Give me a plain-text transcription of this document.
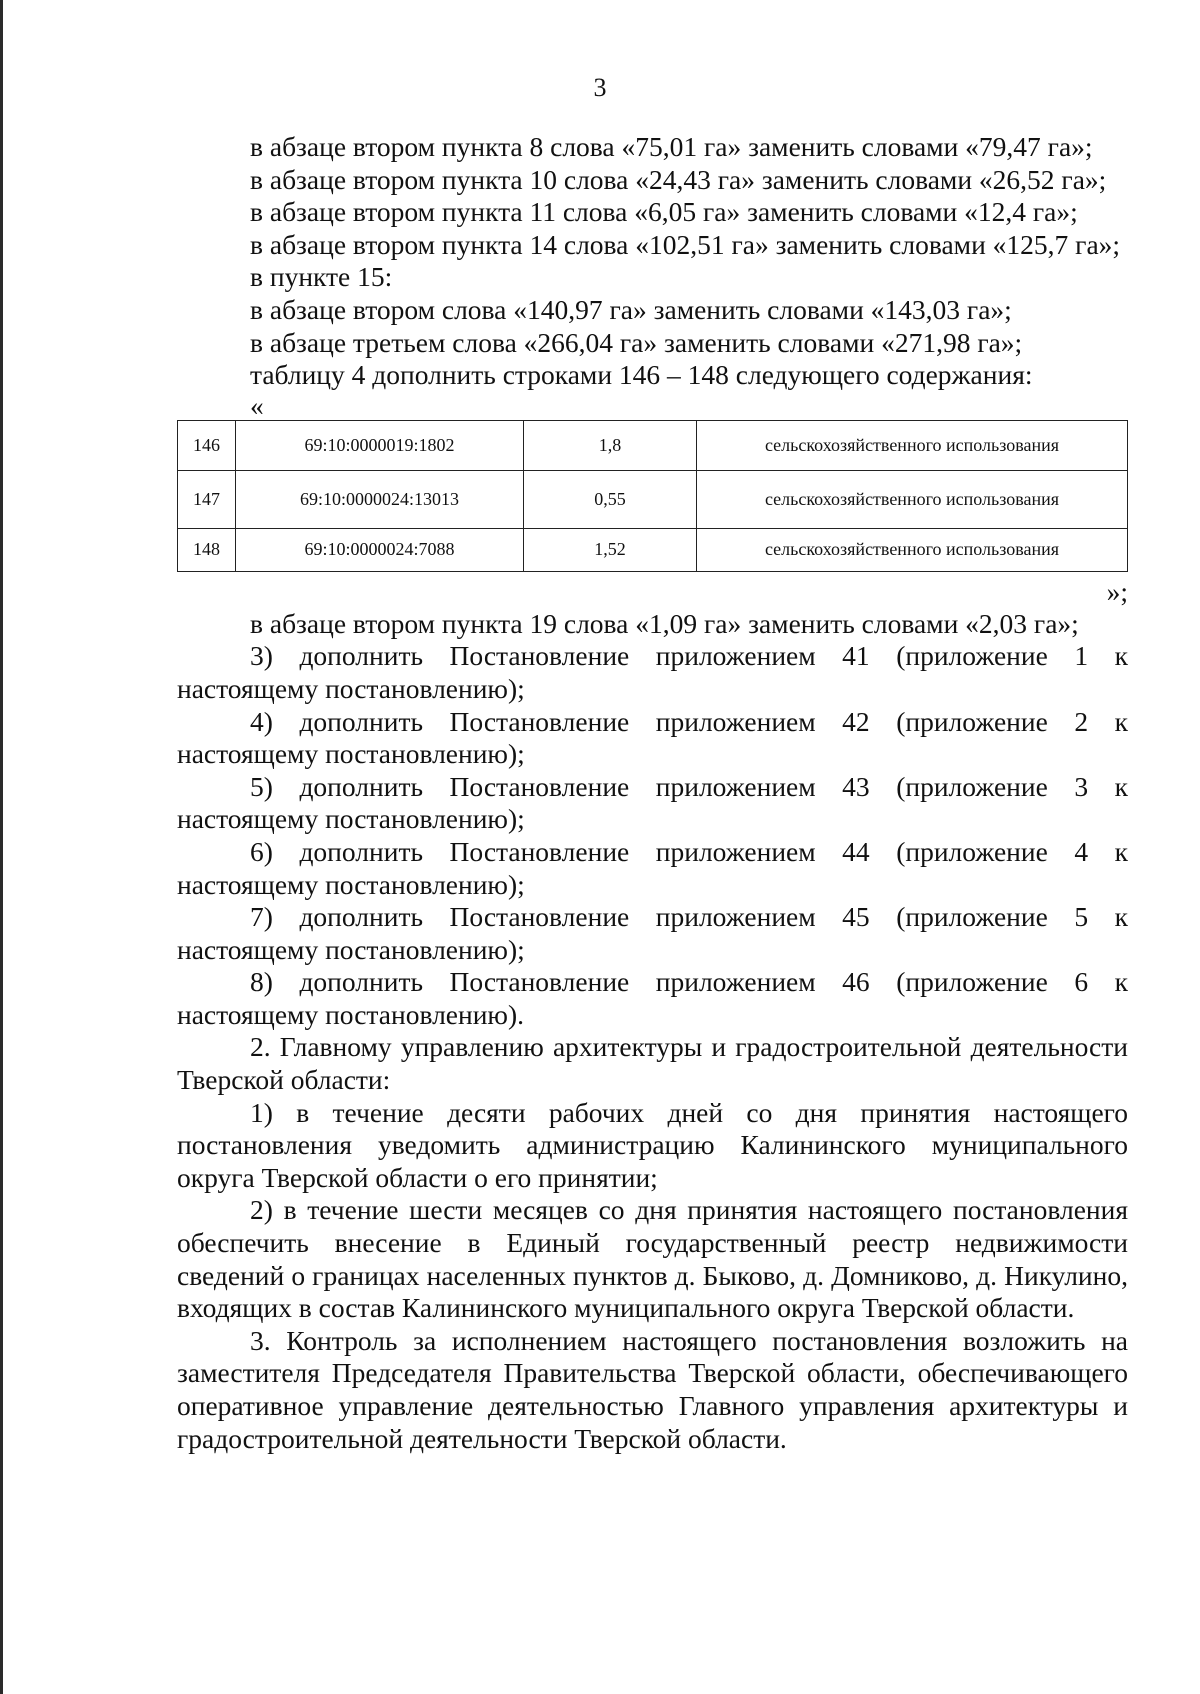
3

в абзаце втором пункта 8 слова «75,01 га» заменить словами «79,47 га»;

в абзаце втором пункта 10 слова «24,43 га» заменить словами «26,52 га»;

в абзаце втором пункта 11 слова «6,05 га» заменить словами «12,4 га»;

в абзаце втором пункта 14 слова «102,51 га» заменить словами «125,7 га»;

в пункте 15:

в абзаце втором слова «140,97 га» заменить словами «143,03 га»;

в абзаце третьем слова «266,04 га» заменить словами «271,98 га»;

таблицу 4 дополнить строками 146 – 148 следующего содержания:

«

146	69:10:0000019:1802	1,8	сельскохозяйственного использования
147	69:10:0000024:13013	0,55	сельскохозяйственного использования
148	69:10:0000024:7088	1,52	сельскохозяйственного использования

»;

в абзаце втором пункта 19 слова «1,09 га» заменить словами «2,03 га»;

3) дополнить Постановление приложением 41 (приложение 1 к настоящему постановлению);

4) дополнить Постановление приложением 42 (приложение 2 к настоящему постановлению);

5) дополнить Постановление приложением 43 (приложение 3 к настоящему постановлению);

6) дополнить Постановление приложением 44 (приложение 4 к настоящему постановлению);

7) дополнить Постановление приложением 45 (приложение 5 к настоящему постановлению);

8) дополнить Постановление приложением 46 (приложение 6 к настоящему постановлению).

2. Главному управлению архитектуры и градостроительной деятельности Тверской области:

1) в течение десяти рабочих дней со дня принятия настоящего постановления уведомить администрацию Калининского муниципального округа Тверской области о его принятии;

2) в течение шести месяцев со дня принятия настоящего постановления обеспечить внесение в Единый государственный реестр недвижимости сведений о границах населенных пунктов д. Быково, д. Домниково, д. Никулино, входящих в состав Калининского муниципального округа Тверской области.

3. Контроль за исполнением настоящего постановления возложить на заместителя Председателя Правительства Тверской области, обеспечивающего оперативное управление деятельностью Главного управления архитектуры и градостроительной деятельности Тверской области.
